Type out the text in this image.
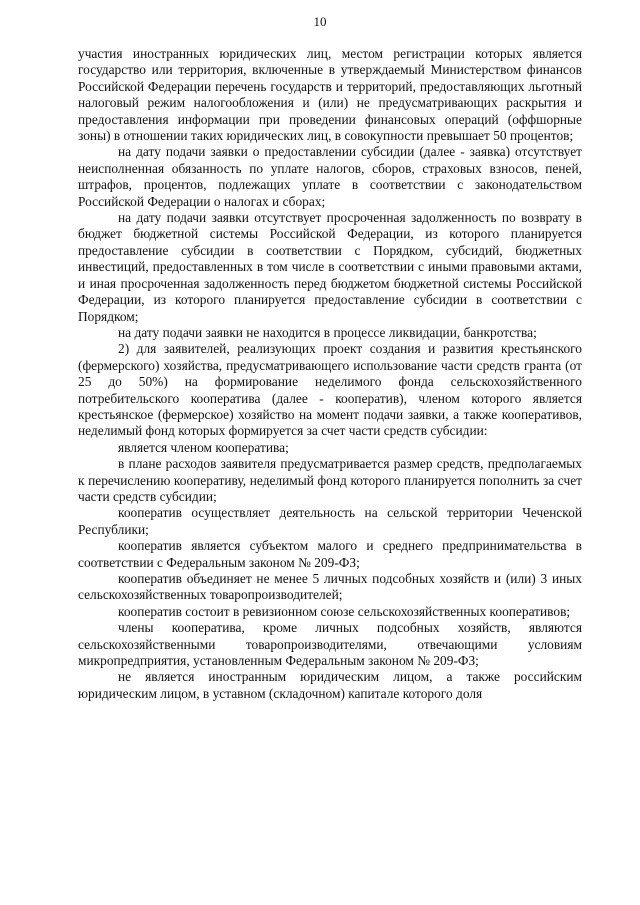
10

участия иностранных юридических лиц, местом регистрации которых является государство или территория, включенные в утверждаемый Министерством финансов Российской Федерации перечень государств и территорий, предоставляющих льготный налоговый режим налогообложения и (или) не предусматривающих раскрытия и предоставления информации при проведении финансовых операций (оффшорные зоны) в отношении таких юридических лиц, в совокупности превышает 50 процентов;

на дату подачи заявки о предоставлении субсидии (далее - заявка) отсутствует неисполненная обязанность по уплате налогов, сборов, страховых взносов, пеней, штрафов, процентов, подлежащих уплате в соответствии с законодательством Российской Федерации о налогах и сборах;

на дату подачи заявки отсутствует просроченная задолженность по возврату в бюджет бюджетной системы Российской Федерации, из которого планируется предоставление субсидии в соответствии с Порядком, субсидий, бюджетных инвестиций, предоставленных в том числе в соответствии с иными правовыми актами, и иная просроченная задолженность перед бюджетом бюджетной системы Российской Федерации, из которого планируется предоставление субсидии в соответствии с Порядком;

на дату подачи заявки не находится в процессе ликвидации, банкротства;

2) для заявителей, реализующих проект создания и развития крестьянского (фермерского) хозяйства, предусматривающего использование части средств гранта (от 25 до 50%) на формирование неделимого фонда сельскохозяйственного потребительского кооператива (далее - кооператив), членом которого является крестьянское (фермерское) хозяйство на момент подачи заявки, а также кооперативов, неделимый фонд которых формируется за счет части средств субсидии:

является членом кооператива;

в плане расходов заявителя предусматривается размер средств, предполагаемых к перечислению кооперативу, неделимый фонд которого планируется пополнить за счет части средств субсидии;

кооператив осуществляет деятельность на сельской территории Чеченской Республики;

кооператив является субъектом малого и среднего предпринимательства в соответствии с Федеральным законом № 209-ФЗ;

кооператив объединяет не менее 5 личных подсобных хозяйств и (или) 3 иных сельскохозяйственных товаропроизводителей;

кооператив состоит в ревизионном союзе сельскохозяйственных кооперативов;

члены кооператива, кроме личных подсобных хозяйств, являются сельскохозяйственными товаропроизводителями, отвечающими условиям микропредприятия, установленным Федеральным законом № 209-ФЗ;

не является иностранным юридическим лицом, а также российским юридическим лицом, в уставном (складочном) капитале которого доля
